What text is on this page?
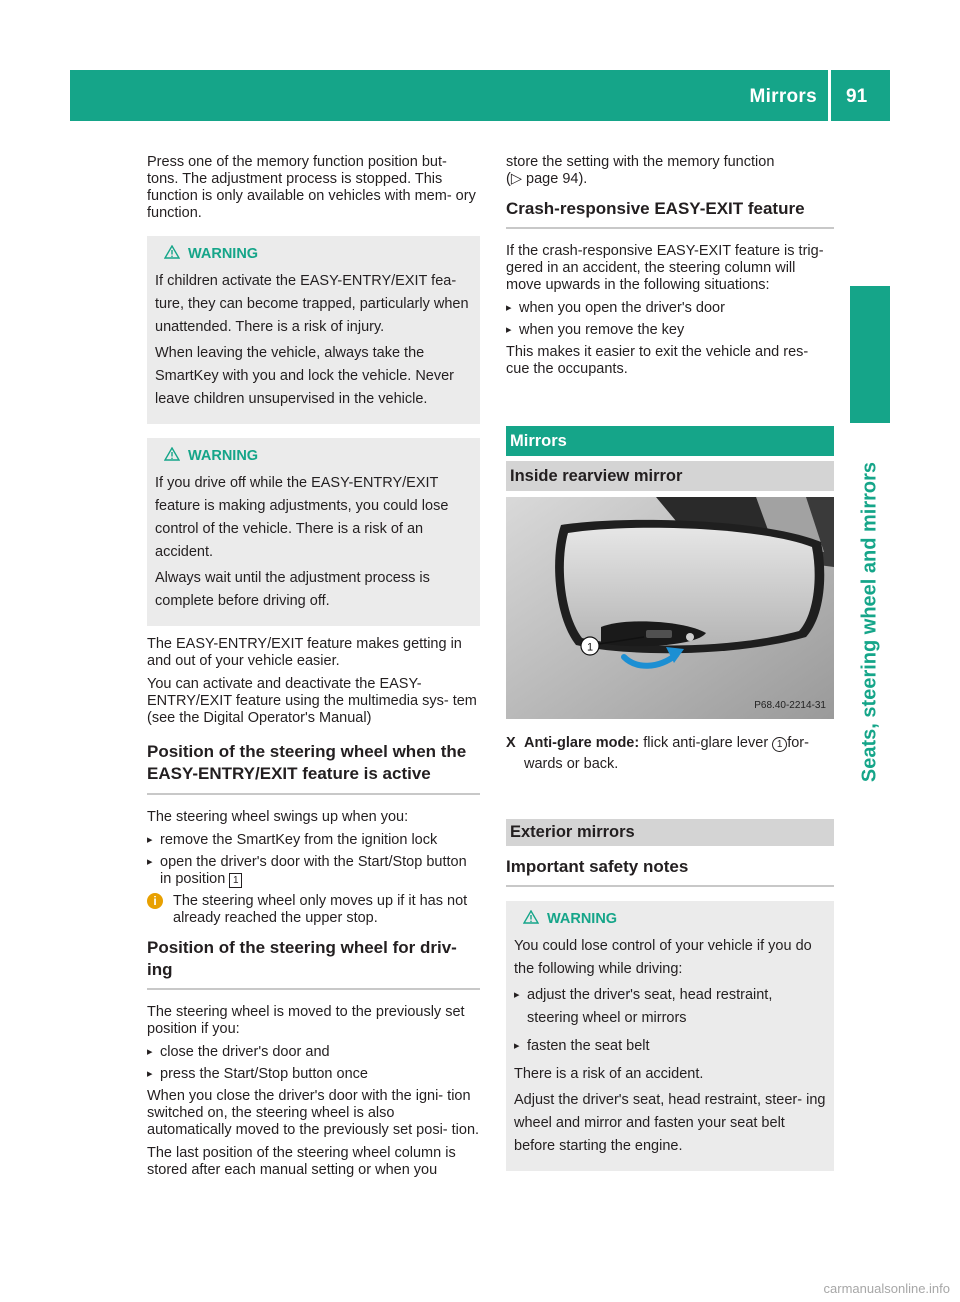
Mirrors 91
Seats, steering wheel and mirrors

Press one of the memory function position but- tons. The adjustment process is stopped. This function is only available on vehicles with mem- ory function.

WARNING

If children activate the EASY-ENTRY/EXIT fea- ture, they can become trapped, particularly when unattended. There is a risk of injury.

When leaving the vehicle, always take the SmartKey with you and lock the vehicle. Never leave children unsupervised in the vehicle.

WARNING

If you drive off while the EASY-ENTRY/EXIT feature is making adjustments, you could lose control of the vehicle. There is a risk of an accident.

Always wait until the adjustment process is complete before driving off.

The EASY-ENTRY/EXIT feature makes getting in and out of your vehicle easier.

You can activate and deactivate the EASY- ENTRY/EXIT feature using the multimedia sys- tem (see the Digital Operator's Manual)

Position of the steering wheel when the EASY-ENTRY/EXIT feature is active

The steering wheel swings up when you:

▸ remove the SmartKey from the ignition lock
▸ open the driver's door with the Start/Stop button in position 1
i	The steering wheel only moves up if it has not already reached the upper stop.
Position of the steering wheel for driv- ing

The steering wheel is moved to the previously set position if you:

▸ close the driver's door and
▸ press the Start/Stop button once

When you close the driver's door with the igni- tion switched on, the steering wheel is also automatically moved to the previously set posi- tion.

The last position of the steering wheel column is stored after each manual setting or when you

store the setting with the memory function
(▷ page 94).

Crash-responsive EASY-EXIT feature

If the crash-responsive EASY-EXIT feature is trig- gered in an accident, the steering column will move upwards in the following situations:

▸ when you open the driver's door
▸ when you remove the key

This makes it easier to exit the vehicle and res- cue the occupants.

Mirrors
Inside rearview mirror
1
P68.40-2214-31
X Anti-glare mode: flick anti-glare lever 1 for- wards or back.
Exterior mirrors
Important safety notes
WARNING

You could lose control of your vehicle if you do the following while driving:

▸ adjust the driver's seat, head restraint, steering wheel or mirrors
▸ fasten the seat belt

There is a risk of an accident.

Adjust the driver's seat, head restraint, steer- ing wheel and mirror and fasten your seat belt before starting the engine.

carmanualsonline.info
